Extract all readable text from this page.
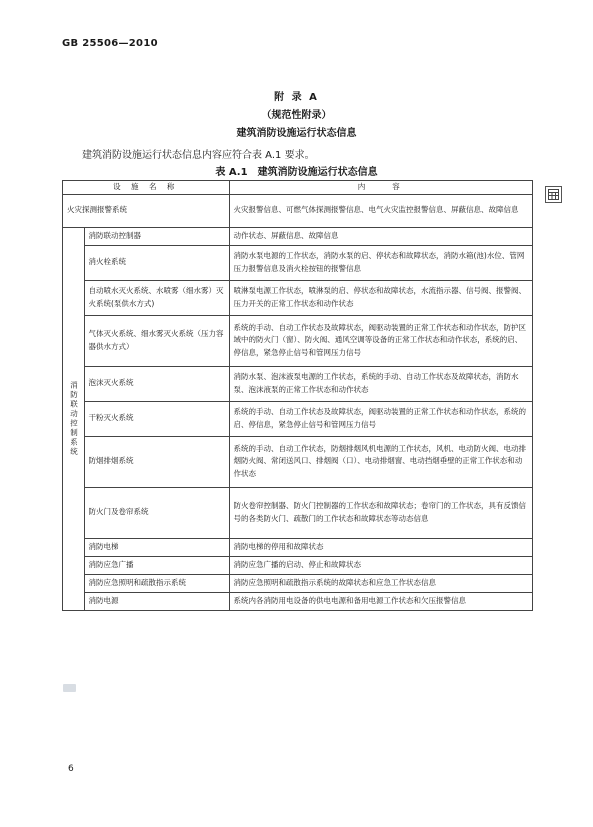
GB 25506—2010
附 录 A
（规范性附录）
建筑消防设施运行状态信息
建筑消防设施运行状态信息内容应符合表 A.1 要求。
表 A.1　建筑消防设施运行状态信息
设 施 名 称		内　　容
火灾探测报警系统		火灾报警信息、可燃气体探测报警信息、电气火灾监控报警信息、屏蔽信息、故障信息
消防联动控制系统	消防联动控制器	动作状态、屏蔽信息、故障信息
	消火栓系统	消防水泵电源的工作状态，消防水泵的启、停状态和故障状态，消防水箱(池)水位、管网压力报警信息及消火栓按钮的报警信息
	自动喷水灭火系统、水喷雾（细水雾）灭火系统(泵供水方式)	喷淋泵电源工作状态，喷淋泵的启、停状态和故障状态，水流指示器、信号阀、报警阀、压力开关的正常工作状态和动作状态
	气体灭火系统、细水雾灭火系统（压力容器供水方式）	系统的手动、自动工作状态及故障状态，阀驱动装置的正常工作状态和动作状态，防护区域中的防火门（窗）、防火阀、通风空调等设备的正常工作状态和动作状态，系统的启、停信息，紧急停止信号和管网压力信号
	泡沫灭火系统	消防水泵、泡沫液泵电源的工作状态，系统的手动、自动工作状态及故障状态，消防水泵、泡沫液泵的正常工作状态和动作状态
	干粉灭火系统	系统的手动、自动工作状态及故障状态，阀驱动装置的正常工作状态和动作状态，系统的启、停信息，紧急停止信号和管网压力信号
	防烟排烟系统	系统的手动、自动工作状态，防烟排烟风机电源的工作状态，风机、电动防火阀、电动排烟防火阀、常闭送风口、排烟阀（口）、电动排烟窗、电动挡烟垂壁的正常工作状态和动作状态
	防火门及卷帘系统	防火卷帘控制器、防火门控制器的工作状态和故障状态；卷帘门的工作状态，具有反馈信号的各类防火门、疏散门的工作状态和故障状态等动态信息
	消防电梯	消防电梯的停用和故障状态
	消防应急广播	消防应急广播的启动、停止和故障状态
	消防应急照明和疏散指示系统	消防应急照明和疏散指示系统的故障状态和应急工作状态信息
	消防电源	系统内各消防用电设备的供电电源和备用电源工作状态和欠压报警信息
6
